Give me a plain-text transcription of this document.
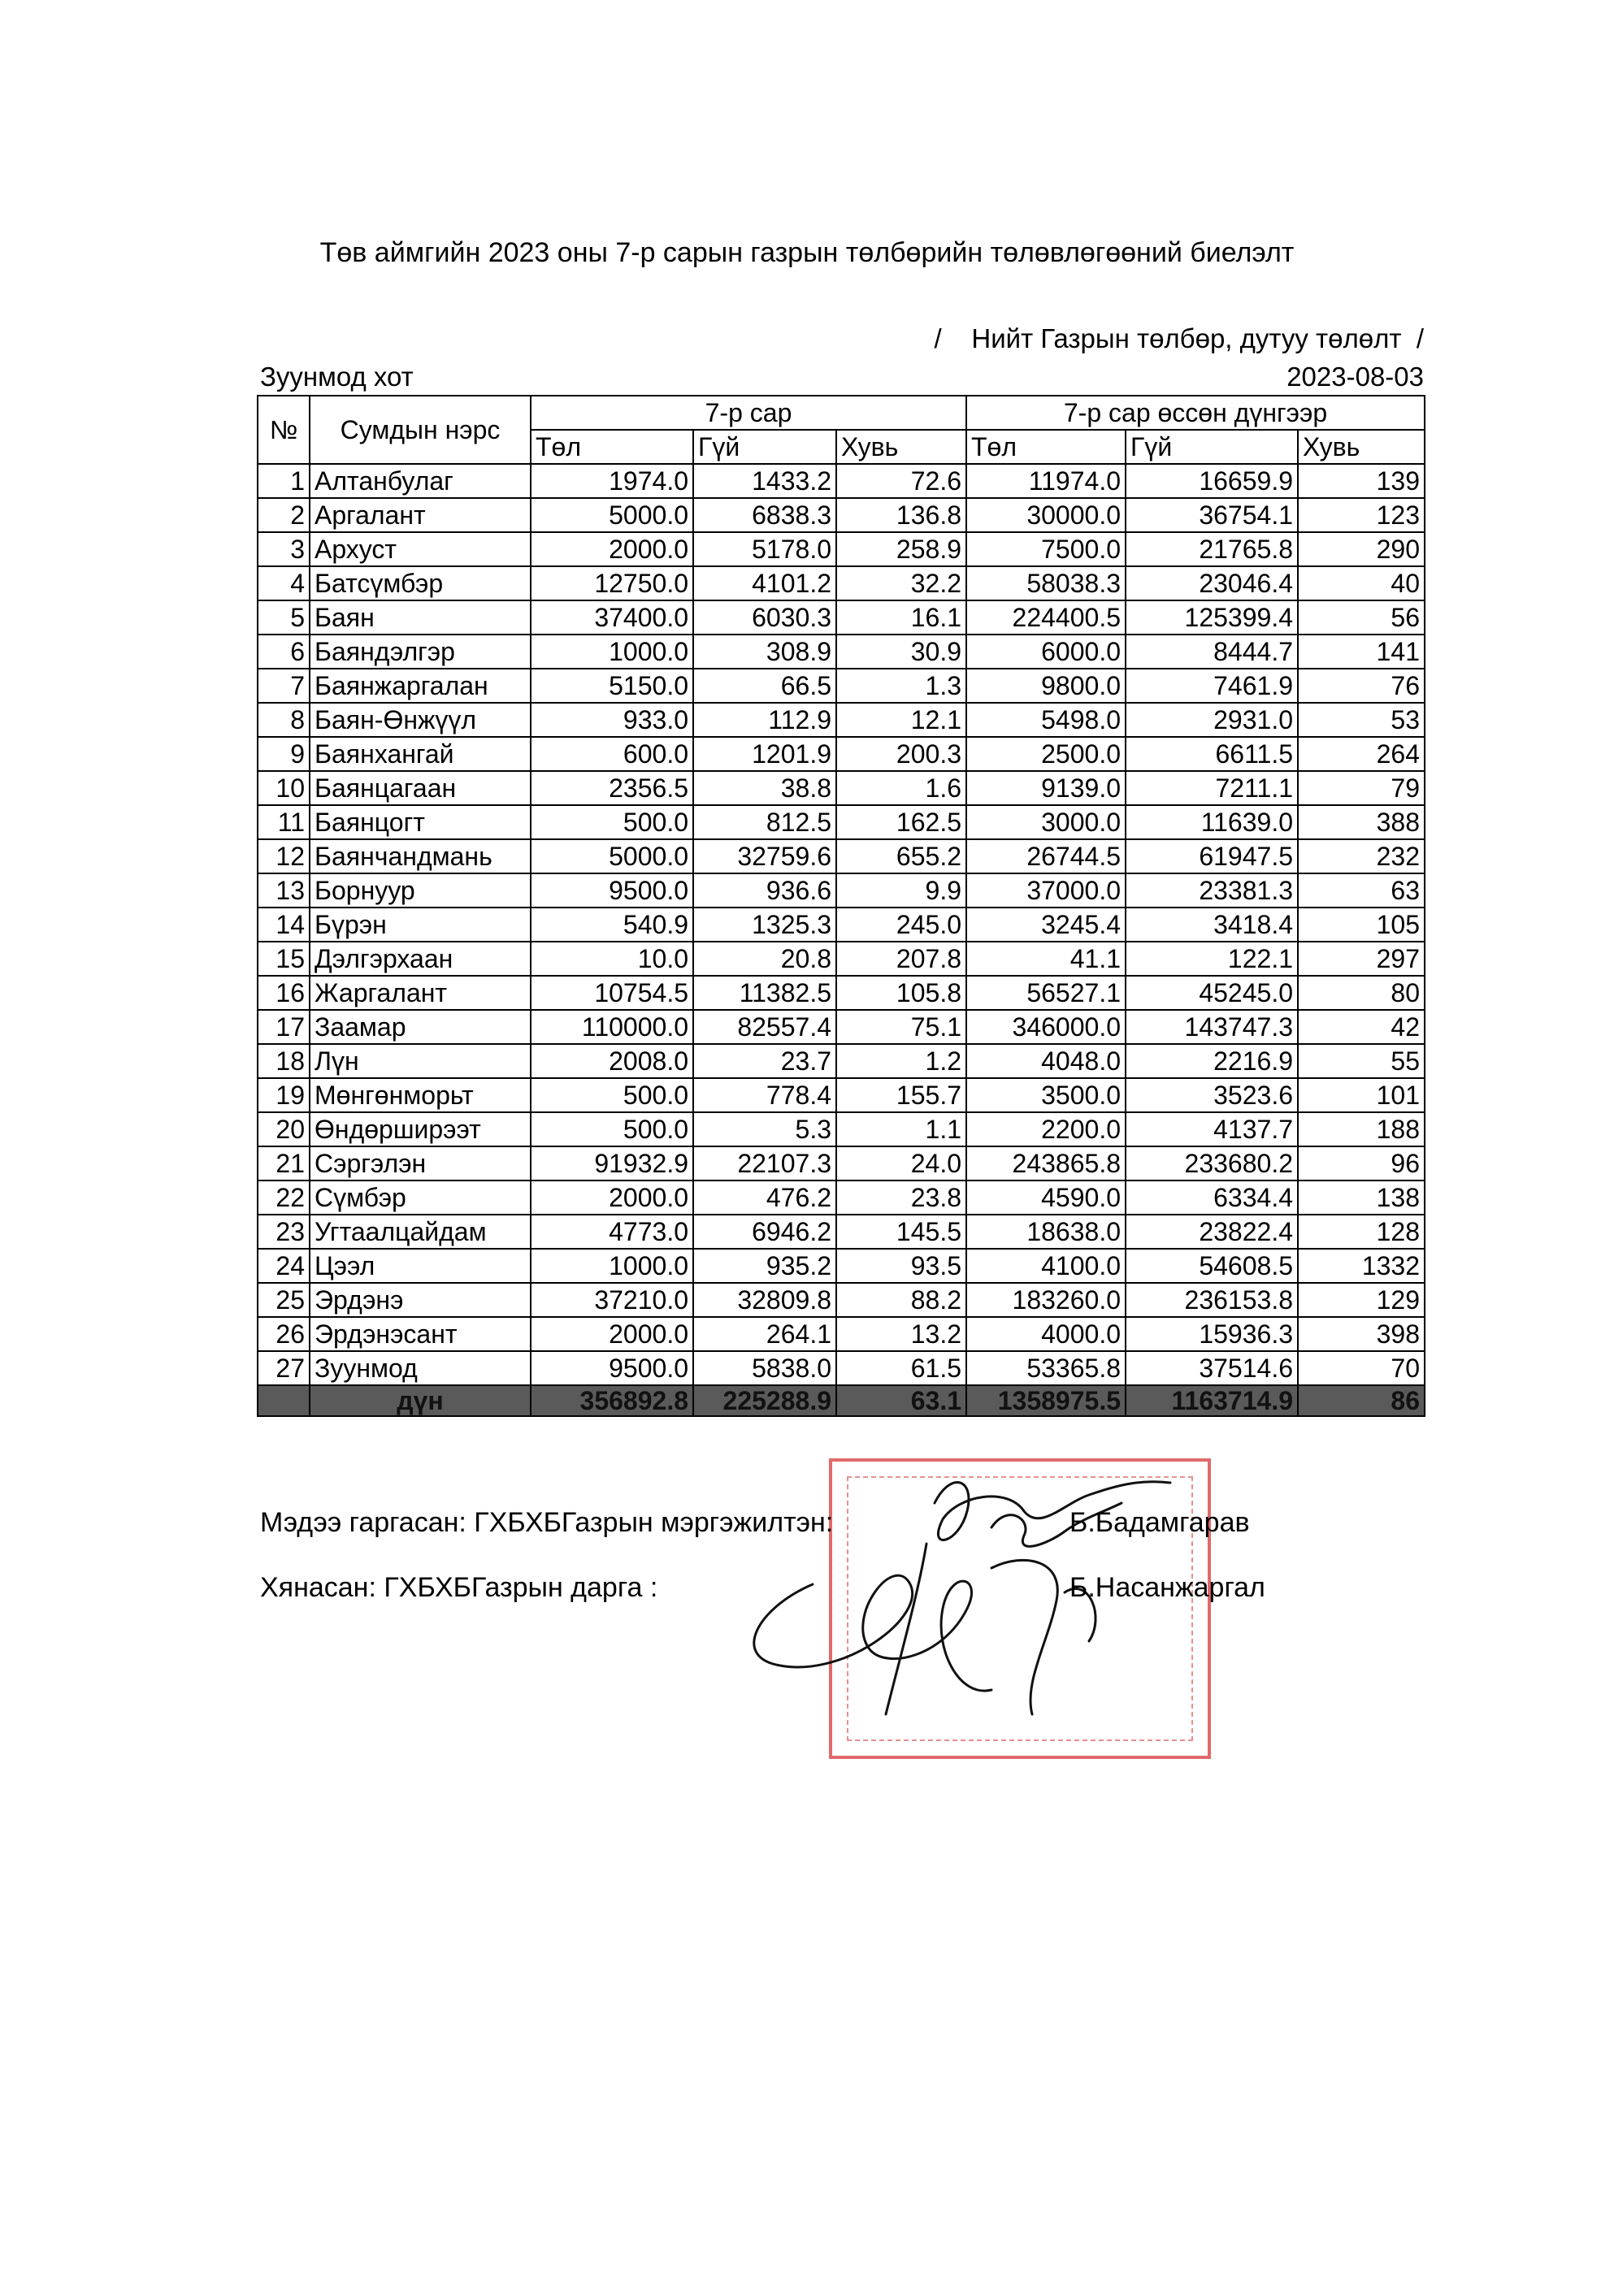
Төв аймгийн 2023 оны 7-р сарын газрын төлбөрийн төлөвлөгөөний биелэлт
/    Нийт Газрын төлбөр, дутуу төлөлт  /
Зуунмод хот	2023-08-03
№	Сумдын нэрс	7-р сар			7-р сар өссөн дүнгээр		
		Төл	Гүй	Хувь	Төл	Гүй	Хувь
1	Алтанбулаг	1974.0	1433.2	72.6	11974.0	16659.9	139
2	Аргалант	5000.0	6838.3	136.8	30000.0	36754.1	123
3	Архуст	2000.0	5178.0	258.9	7500.0	21765.8	290
4	Батсүмбэр	12750.0	4101.2	32.2	58038.3	23046.4	40
5	Баян	37400.0	6030.3	16.1	224400.5	125399.4	56
6	Баяндэлгэр	1000.0	308.9	30.9	6000.0	8444.7	141
7	Баянжаргалан	5150.0	66.5	1.3	9800.0	7461.9	76
8	Баян-Өнжүүл	933.0	112.9	12.1	5498.0	2931.0	53
9	Баянхангай	600.0	1201.9	200.3	2500.0	6611.5	264
10	Баянцагаан	2356.5	38.8	1.6	9139.0	7211.1	79
11	Баянцогт	500.0	812.5	162.5	3000.0	11639.0	388
12	Баянчандмань	5000.0	32759.6	655.2	26744.5	61947.5	232
13	Борнуур	9500.0	936.6	9.9	37000.0	23381.3	63
14	Бүрэн	540.9	1325.3	245.0	3245.4	3418.4	105
15	Дэлгэрхаан	10.0	20.8	207.8	41.1	122.1	297
16	Жаргалант	10754.5	11382.5	105.8	56527.1	45245.0	80
17	Заамар	110000.0	82557.4	75.1	346000.0	143747.3	42
18	Лүн	2008.0	23.7	1.2	4048.0	2216.9	55
19	Мөнгөнморьт	500.0	778.4	155.7	3500.0	3523.6	101
20	Өндөрширээт	500.0	5.3	1.1	2200.0	4137.7	188
21	Сэргэлэн	91932.9	22107.3	24.0	243865.8	233680.2	96
22	Сүмбэр	2000.0	476.2	23.8	4590.0	6334.4	138
23	Угтаалцайдам	4773.0	6946.2	145.5	18638.0	23822.4	128
24	Цээл	1000.0	935.2	93.5	4100.0	54608.5	1332
25	Эрдэнэ	37210.0	32809.8	88.2	183260.0	236153.8	129
26	Эрдэнэсант	2000.0	264.1	13.2	4000.0	15936.3	398
27	Зуунмод	9500.0	5838.0	61.5	53365.8	37514.6	70
	дүн	356892.8	225288.9	63.1	1358975.5	1163714.9	86
Мэдээ гаргасан: ГХБХБГазрын мэргэжилтэн:	Б.Бадамгарав
Хянасан: ГХБХБГазрын дарга :	Б.Насанжаргал
